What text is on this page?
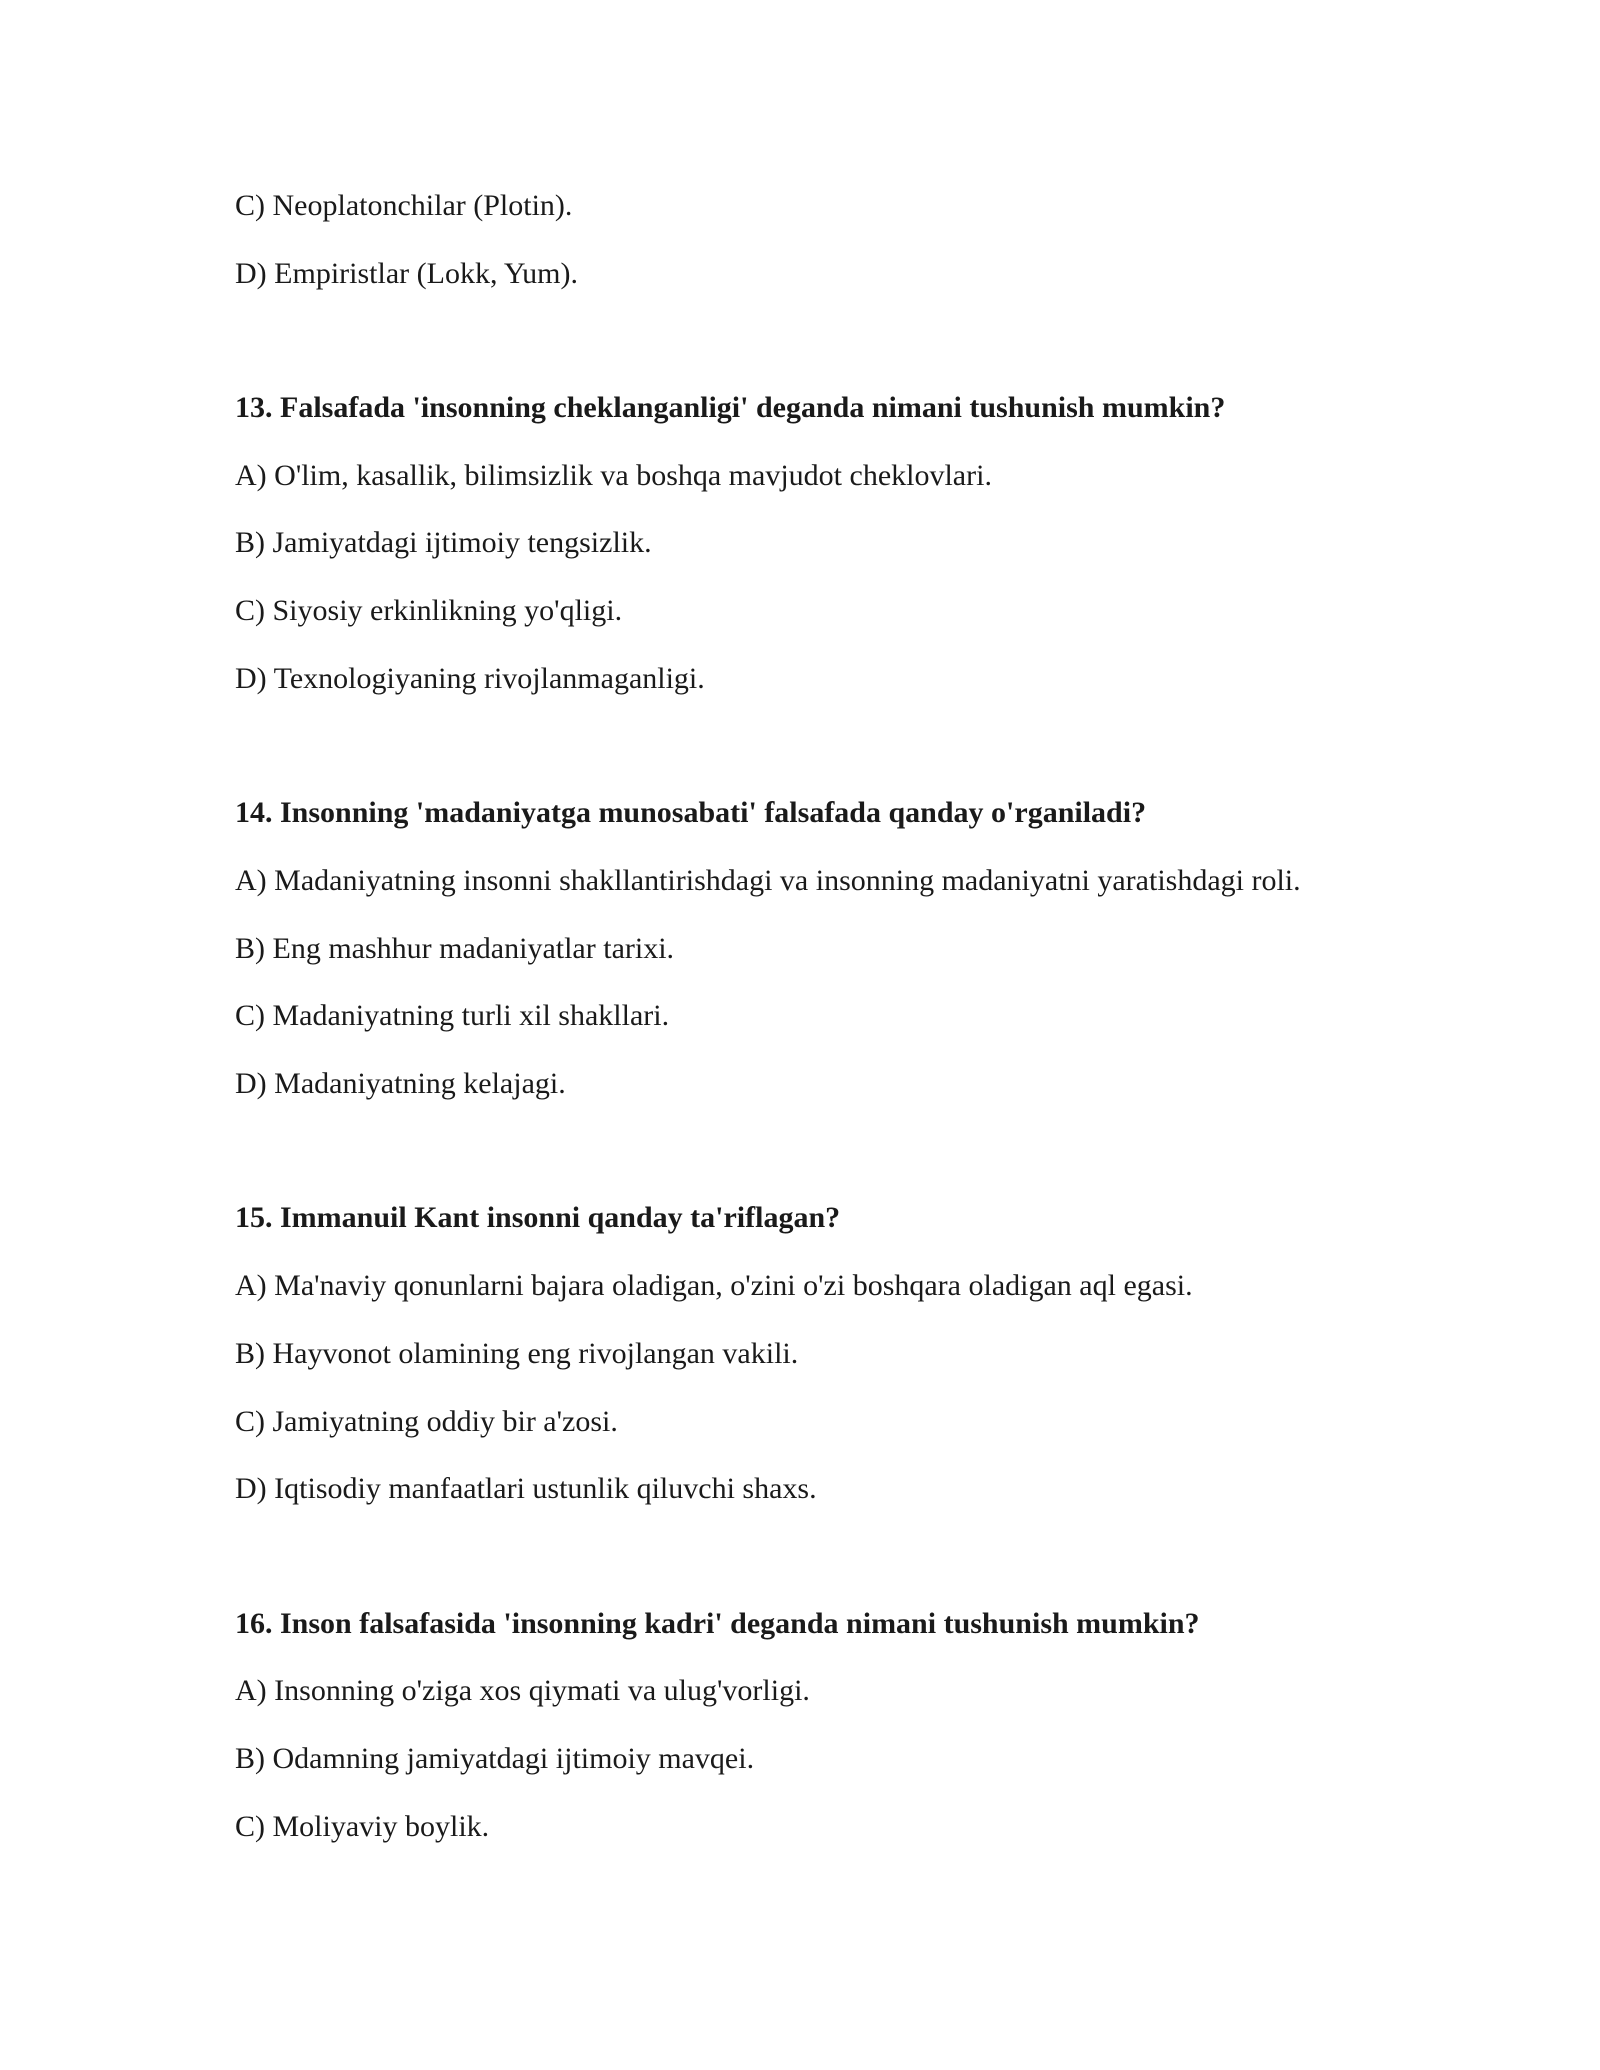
C) Neoplatonchilar (Plotin).
D) Empiristlar (Lokk, Yum).
13. Falsafada 'insonning cheklanganligi' deganda nimani tushunish mumkin?
A) O'lim, kasallik, bilimsizlik va boshqa mavjudot cheklovlari.
B) Jamiyatdagi ijtimoiy tengsizlik.
C) Siyosiy erkinlikning yo'qligi.
D) Texnologiyaning rivojlanmaganligi.
14. Insonning 'madaniyatga munosabati' falsafada qanday o'rganiladi?
A) Madaniyatning insonni shakllantirishdagi va insonning madaniyatni yaratishdagi roli.
B) Eng mashhur madaniyatlar tarixi.
C) Madaniyatning turli xil shakllari.
D) Madaniyatning kelajagi.
15. Immanuil Kant insonni qanday ta'riflagan?
A) Ma'naviy qonunlarni bajara oladigan, o'zini o'zi boshqara oladigan aql egasi.
B) Hayvonot olamining eng rivojlangan vakili.
C) Jamiyatning oddiy bir a'zosi.
D) Iqtisodiy manfaatlari ustunlik qiluvchi shaxs.
16. Inson falsafasida 'insonning kadri' deganda nimani tushunish mumkin?
A) Insonning o'ziga xos qiymati va ulug'vorligi.
B) Odamning jamiyatdagi ijtimoiy mavqei.
C) Moliyaviy boylik.
